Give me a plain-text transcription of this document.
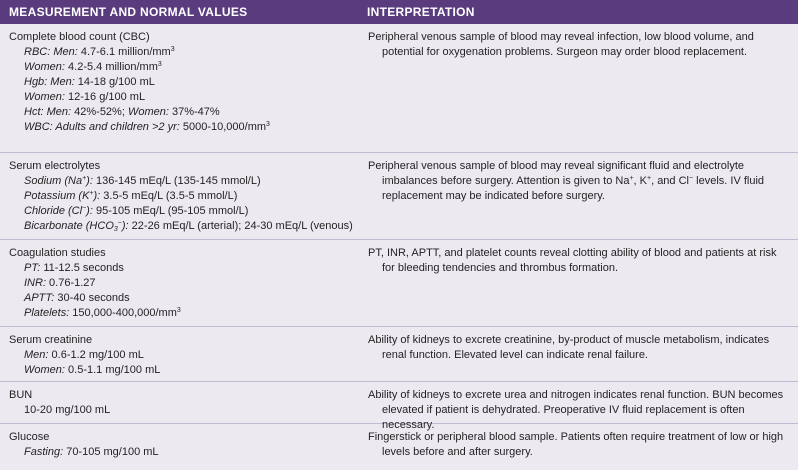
MEASUREMENT AND NORMAL VALUES	INTERPRETATION
Complete blood count (CBC)
RBC: Men: 4.7-6.1 million/$mm^3$
Women: 4.2-5.4 million/$mm^3$
Hgb: Men: 14-18 g/100 mL
Women: 12-16 g/100 mL
Hct: Men: 42%-52%; Women: 37%-47%
WBC: Adults and children >2 yr: $5000-10,000/mm^3$
Peripheral venous sample of blood may reveal infection, low blood volume, and
potential for oxygenation problems. Surgeon may order blood replacement.
Serum electrolytes
Sodium (Na+): 136-145 mEq/L (135-145 mmol/L)
Potassium (K+): 3.5-5 mEq/L (3.5-5 mmol/L)
Chloride (Cl−): 95-105 mEq/L (95-105 mmol/L)
Bicarbonate (HCO3−): 22-26 mEq/L (arterial); 24-30 mEq/L (venous)
Peripheral venous sample of blood may reveal significant fluid and electrolyte imbalances before surgery. Attention is given to Na+, K+, and Cl− levels. IV fluid replacement may be indicated before surgery.
Coagulation studies
PT: 11-12.5 seconds
INR: 0.76-1.27
APTT: 30-40 seconds
Platelets: $150,000-400,000/mm^3$
PT, INR, APTT, and platelet counts reveal clotting ability of blood and patients at risk for bleeding tendencies and thrombus formation.
Serum creatinine
Men: 0.6-1.2 mg/100 mL
Women: 0.5-1.1 mg/100 mL
Ability of kidneys to excrete creatinine, by-product of muscle metabolism, indicates renal function. Elevated level can indicate renal failure.
BUN
10-20 mg/100 mL
Ability of kidneys to excrete urea and nitrogen indicates renal function. BUN becomes elevated if patient is dehydrated. Preoperative IV fluid replacement is often necessary.
Glucose
Fasting: 70-105 mg/100 mL
Fingerstick or peripheral blood sample. Patients often require treatment of low or high levels before and after surgery.
